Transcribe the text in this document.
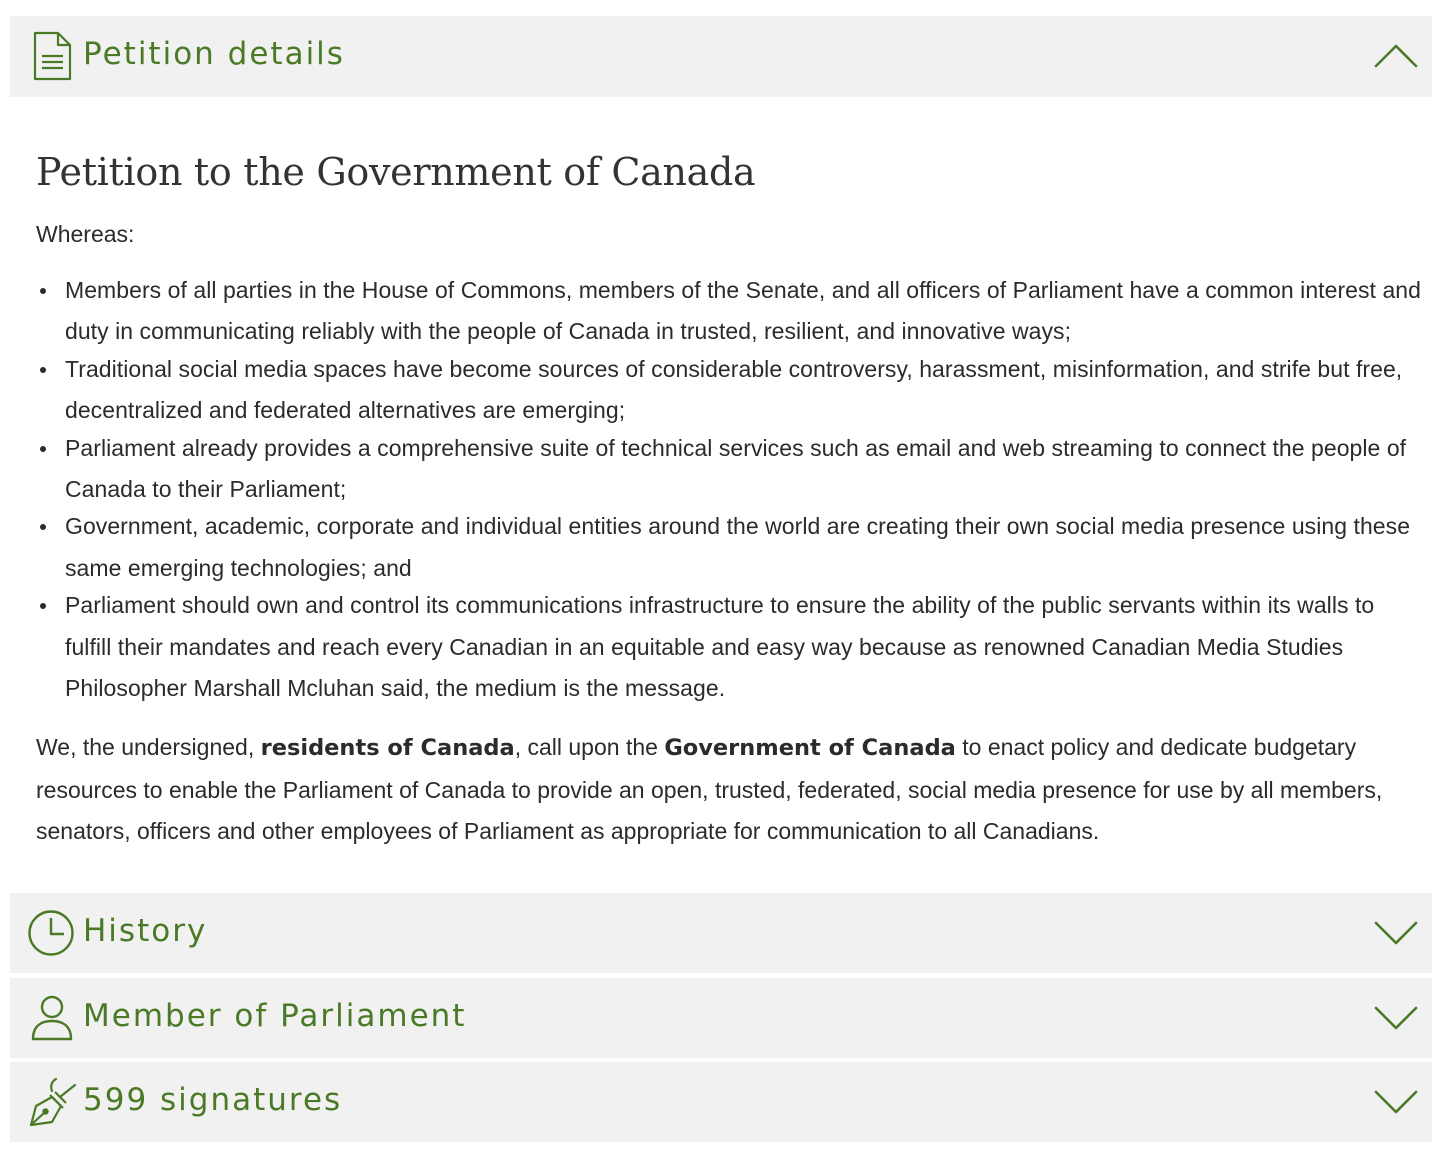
Petition details
Petition to the Government of Canada

Whereas:

Members of all parties in the House of Commons, members of the Senate, and all officers of Parliament have a common interest and duty in communicating reliably with the people of Canada in trusted, resilient, and innovative ways;
Traditional social media spaces have become sources of considerable controversy, harassment, misinformation, and strife but free, decentralized and federated alternatives are emerging;
Parliament already provides a comprehensive suite of technical services such as email and web streaming to connect the people of Canada to their Parliament;
Government, academic, corporate and individual entities around the world are creating their own social media presence using these same emerging technologies; and
Parliament should own and control its communications infrastructure to ensure the ability of the public servants within its walls to fulfill their mandates and reach every Canadian in an equitable and easy way because as renowned Canadian Media Studies Philosopher Marshall Mcluhan said, the medium is the message.

We, the undersigned, residents of Canada, call upon the Government of Canada to enact policy and dedicate budgetary resources to enable the Parliament of Canada to provide an open, trusted, federated, social media presence for use by all members, senators, officers and other employees of Parliament as appropriate for communication to all Canadians.

History
Member of Parliament
599 signatures
